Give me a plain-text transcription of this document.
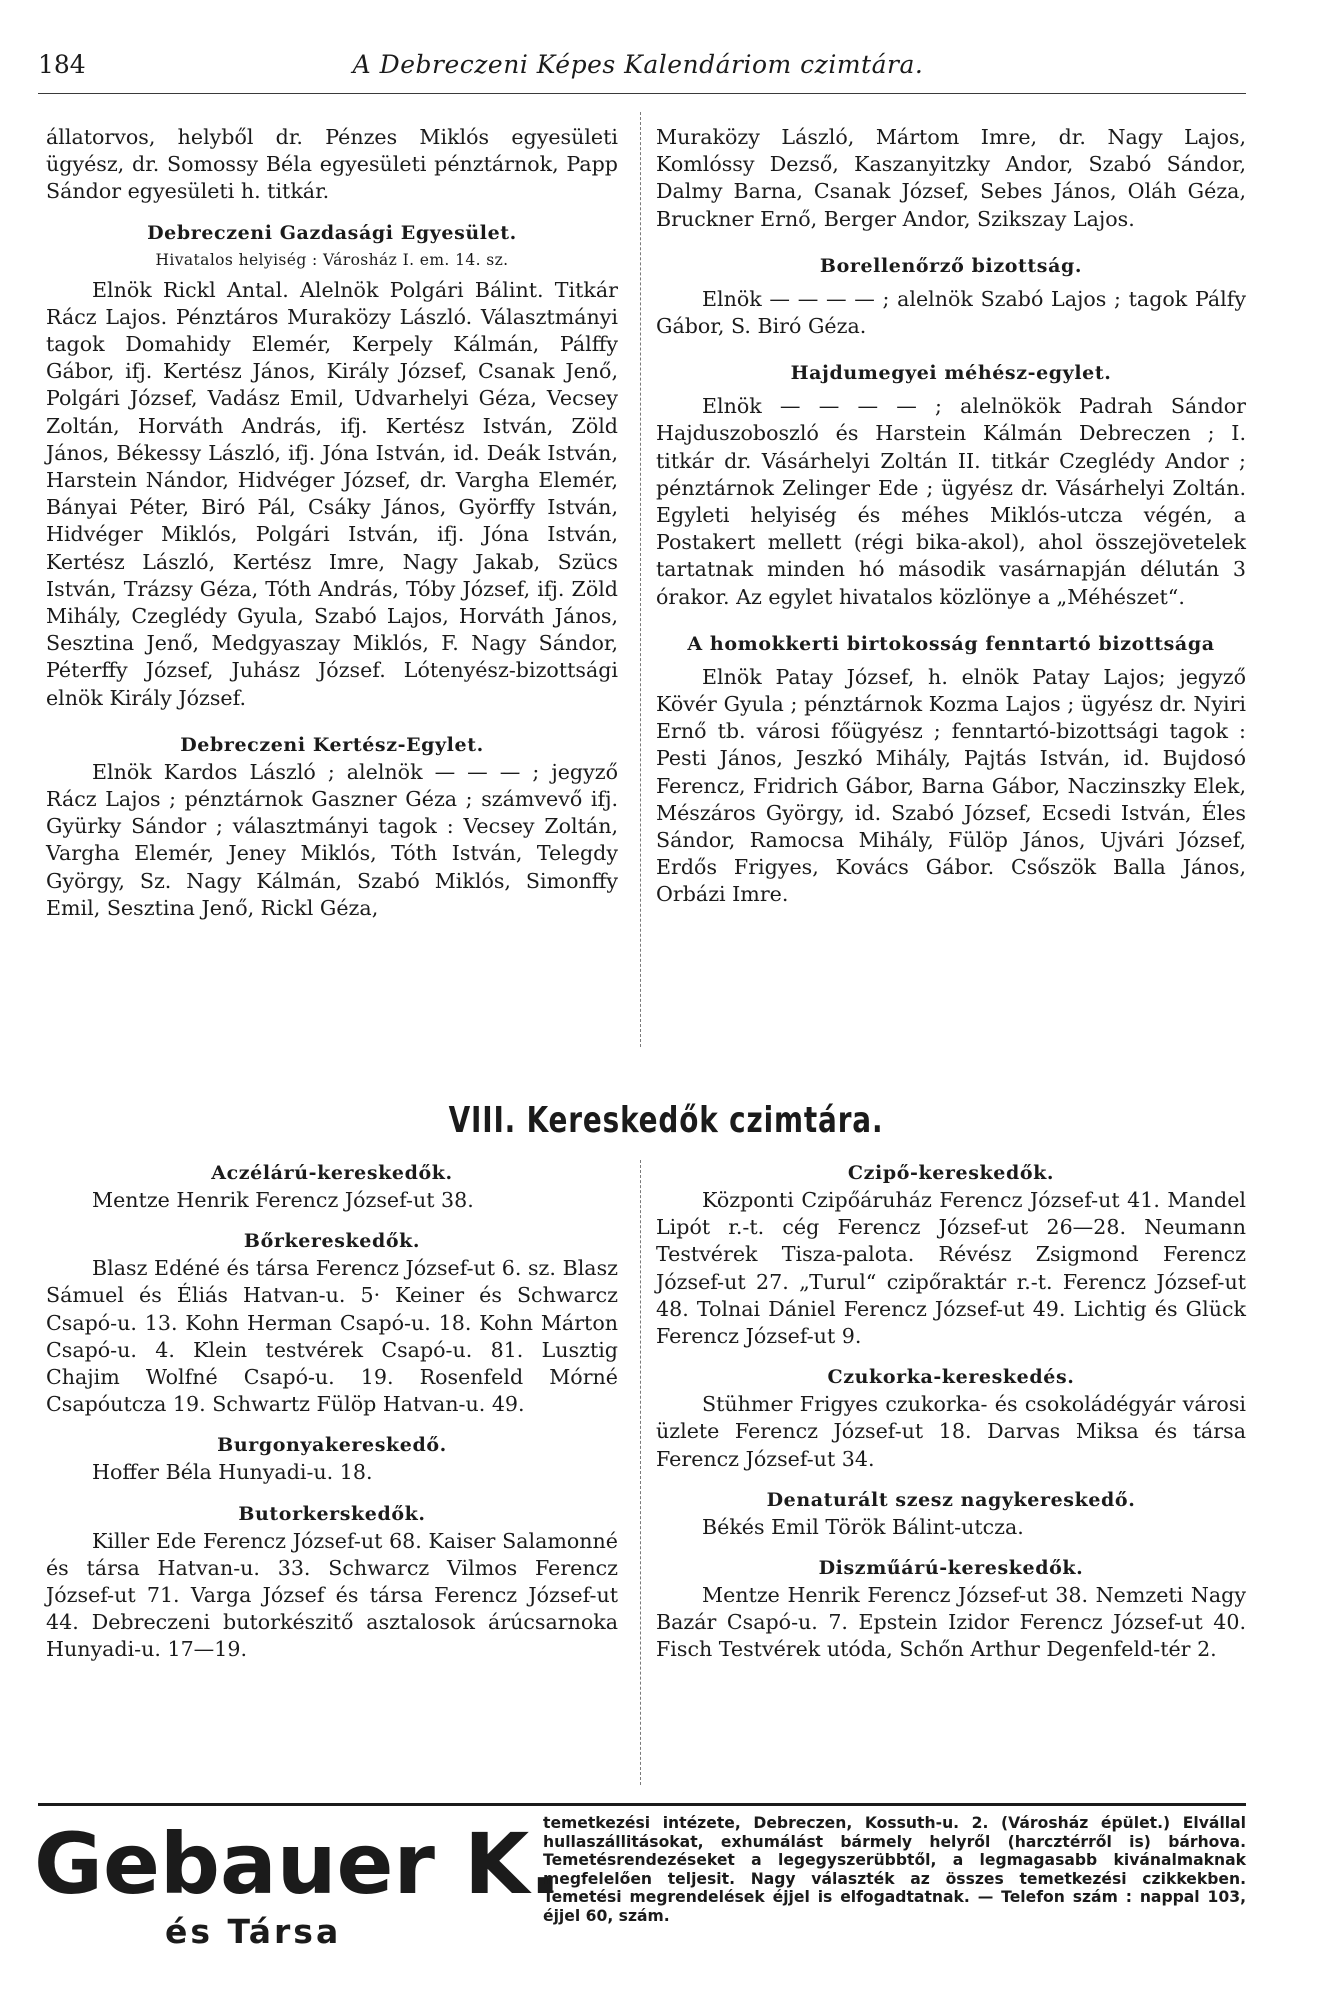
184	A Debreczeni Képes Kalendáriom czimtára.

állatorvos, helyből dr. Pénzes Miklós egyesületi ügyész, dr. Somossy Béla egyesületi pénztárnok, Papp Sándor egyesületi h. titkár.

Debreczeni Gazdasági Egyesület.
Hivatalos helyiség : Városház I. em. 14. sz.

Elnök Rickl Antal. Alelnök Polgári Bálint. Titkár Rácz Lajos. Pénztáros Muraközy László. Választmányi tagok Domahidy Elemér, Kerpely Kálmán, Pálffy Gábor, ifj. Kertész János, Király József, Csanak Jenő, Polgári József, Vadász Emil, Udvarhelyi Géza, Vecsey Zoltán, Horváth András, ifj. Kertész István, Zöld János, Békessy László, ifj. Jóna István, id. Deák István, Harstein Nándor, Hidvéger József, dr. Vargha Elemér, Bányai Péter, Biró Pál, Csáky János, Györffy István, Hidvéger Miklós, Polgári István, ifj. Jóna István, Kertész László, Kertész Imre, Nagy Jakab, Szücs István, Trázsy Géza, Tóth András, Tóby József, ifj. Zöld Mihály, Czeglédy Gyula, Szabó Lajos, Horváth János, Sesztina Jenő, Medgyaszay Miklós, F. Nagy Sándor, Péterffy József, Juhász József. Lótenyész-bizottsági elnök Király József.

Debreczeni Kertész-Egylet.

Elnök Kardos László ; alelnök — — — ; jegyző Rácz Lajos ; pénztárnok Gaszner Géza ; számvevő ifj. Gyürky Sándor ; választmányi tagok : Vecsey Zoltán, Vargha Elemér, Jeney Miklós, Tóth István, Telegdy György, Sz. Nagy Kálmán, Szabó Miklós, Simonffy Emil, Sesztina Jenő, Rickl Géza,

Muraközy László, Mártom Imre, dr. Nagy Lajos, Komlóssy Dezső, Kaszanyitzky Andor, Szabó Sándor, Dalmy Barna, Csanak József, Sebes János, Oláh Géza, Bruckner Ernő, Berger Andor, Szikszay Lajos.

Borellenőrző bizottság.

Elnök — — — — ; alelnök Szabó Lajos ; tagok Pálfy Gábor, S. Biró Géza.

Hajdumegyei méhész-egylet.

Elnök — — — — ; alelnökök Padrah Sándor Hajduszoboszló és Harstein Kálmán Debreczen ; I. titkár dr. Vásárhelyi Zoltán II. titkár Czeglédy Andor ; pénztárnok Zelinger Ede ; ügyész dr. Vásárhelyi Zoltán. Egyleti helyiség és méhes Miklós-utcza végén, a Postakert mellett (régi bika-akol), ahol összejövetelek tartatnak minden hó második vasárnapján délután 3 órakor. Az egylet hivatalos közlönye a „Méhészet“.

A homokkerti birtokosság fenntartó bizottsága

Elnök Patay József, h. elnök Patay Lajos; jegyző Kövér Gyula ; pénztárnok Kozma Lajos ; ügyész dr. Nyiri Ernő tb. városi főügyész ; fenntartó-bizottsági tagok : Pesti János, Jeszkó Mihály, Pajtás István, id. Bujdosó Ferencz, Fridrich Gábor, Barna Gábor, Naczinszky Elek, Mészáros György, id. Szabó József, Ecsedi István, Éles Sándor, Ramocsa Mihály, Fülöp János, Ujvári József, Erdős Frigyes, Kovács Gábor. Csőszök Balla János, Orbázi Imre.

VIII. Kereskedők czimtára.
Aczélárú-kereskedők.

Mentze Henrik Ferencz József-ut 38.

Bőrkereskedők.

Blasz Edéné és társa Ferencz József-ut 6. sz. Blasz Sámuel és Éliás Hatvan-u. 5· Keiner és Schwarcz Csapó-u. 13. Kohn Herman Csapó-u. 18. Kohn Márton Csapó-u. 4. Klein testvérek Csapó-u. 81. Lusztig Chajim Wolfné Csapó-u. 19. Rosenfeld Mórné Csapóutcza 19. Schwartz Fülöp Hatvan-u. 49.

Burgonyakereskedő.

Hoffer Béla Hunyadi-u. 18.

Butorkerskedők.

Killer Ede Ferencz József-ut 68. Kaiser Salamonné és társa Hatvan-u. 33. Schwarcz Vilmos Ferencz József-ut 71. Varga József és társa Ferencz József-ut 44. Debreczeni butorkészitő asztalosok árúcsarnoka Hunyadi-u. 17—19.

Czipő-kereskedők.

Központi Czipőáruház Ferencz József-ut 41. Mandel Lipót r.-t. cég Ferencz József-ut 26—28. Neumann Testvérek Tisza-palota. Révész Zsigmond Ferencz József-ut 27. „Turul“ czipőraktár r.-t. Ferencz József-ut 48. Tolnai Dániel Ferencz József-ut 49. Lichtig és Glück Ferencz József-ut 9.

Czukorka-kereskedés.

Stühmer Frigyes czukorka- és csokoládégyár városi üzlete Ferencz József-ut 18. Darvas Miksa és társa Ferencz József-ut 34.

Denaturált szesz nagykereskedő.

Békés Emil Török Bálint-utcza.

Diszműárú-kereskedők.

Mentze Henrik Ferencz József-ut 38. Nemzeti Nagy Bazár Csapó-u. 7. Epstein Izidor Ferencz József-ut 40. Fisch Testvérek utóda, Schőn Arthur Degenfeld-tér 2.

Gebauer K.
és Társa
temetkezési intézete, Debreczen, Kossuth-u. 2. (Városház épület.) Elvállal hullaszállitásokat, exhumálást bármely helyről (harcztérről is) bárhova. Temetésrendezéseket a legegyszerübbtől, a legmagasabb kivánalmaknak megfelelően teljesit. Nagy választék az összes temetkezési czikkekben. Temetési megrendelések éjjel is elfogadtatnak. — Telefon szám : nappal 103, éjjel 60, szám.
